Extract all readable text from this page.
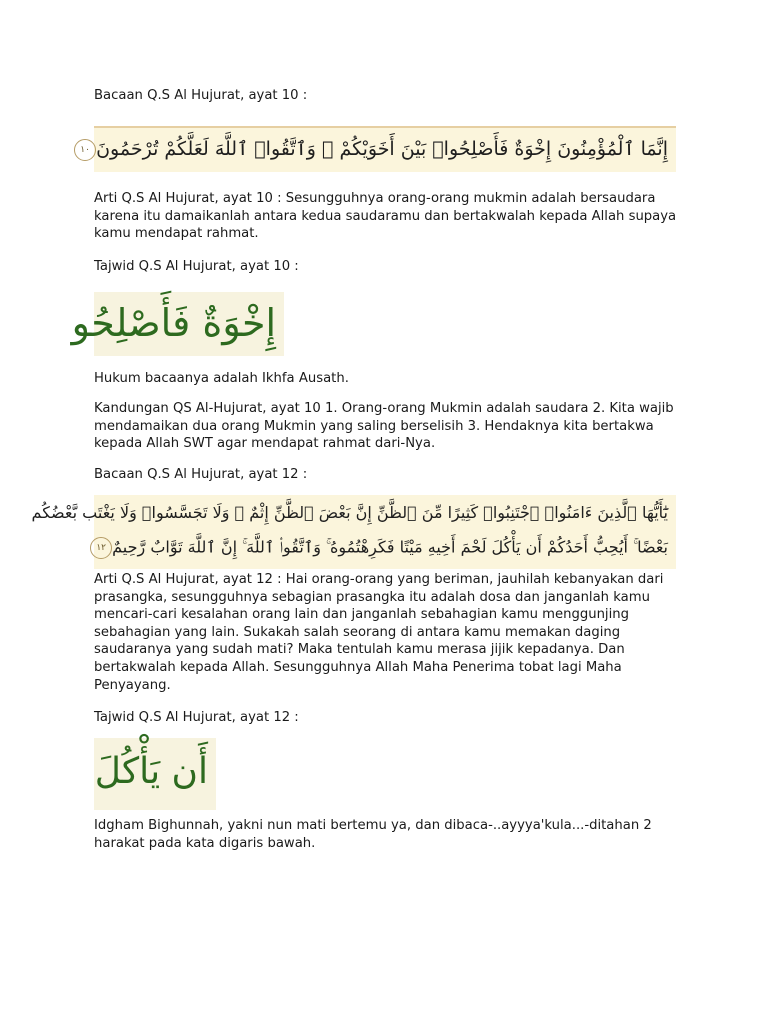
Bacaan Q.S Al Hujurat, ayat 10 :

إِنَّمَا ٱلْمُؤْمِنُونَ إِخْوَةٌ فَأَصْلِحُوا۟ بَيْنَ أَخَوَيْكُمْ ۚ وَٱتَّقُوا۟ ٱللَّهَ لَعَلَّكُمْ تُرْحَمُونَ١٠

Arti Q.S Al Hujurat, ayat 10 : Sesungguhnya orang-orang mukmin adalah bersaudara karena itu damaikanlah antara kedua saudaramu dan bertakwalah kepada Allah supaya kamu mendapat rahmat.

Tajwid Q.S Al Hujurat, ayat 10 :

إِخْوَةٌ فَأَصْلِحُو

Hukum bacaanya adalah Ikhfa Ausath.

Kandungan QS Al-Hujurat, ayat 10 1. Orang-orang Mukmin adalah saudara 2. Kita wajib mendamaikan dua orang Mukmin yang saling berselisih 3. Hendaknya kita bertakwa kepada Allah SWT agar mendapat rahmat dari-Nya.

Bacaan Q.S Al Hujurat, ayat 12 :

يَٰٓأَيُّهَا ٱلَّذِينَ ءَامَنُوا۟ ٱجْتَنِبُوا۟ كَثِيرًا مِّنَ ٱلظَّنِّ إِنَّ بَعْضَ ٱلظَّنِّ إِثْمٌ ۖ وَلَا تَجَسَّسُوا۟ وَلَا يَغْتَب بَّعْضُكُم
بَعْضًا ۚ أَيُحِبُّ أَحَدُكُمْ أَن يَأْكُلَ لَحْمَ أَخِيهِ مَيْتًا فَكَرِهْتُمُوهُ ۚ وَٱتَّقُوا۟ ٱللَّهَ ۚ إِنَّ ٱللَّهَ تَوَّابٌ رَّحِيمٌ١٢

Arti Q.S Al Hujurat, ayat 12 : Hai orang-orang yang beriman, jauhilah kebanyakan dari prasangka, sesungguhnya sebagian prasangka itu adalah dosa dan janganlah kamu mencari-cari kesalahan orang lain dan janganlah sebahagian kamu menggunjing sebahagian yang lain. Sukakah salah seorang di antara kamu memakan daging saudaranya yang sudah mati? Maka tentulah kamu merasa jijik kepadanya. Dan bertakwalah kepada Allah. Sesungguhnya Allah Maha Penerima tobat lagi Maha Penyayang.

Tajwid Q.S Al Hujurat, ayat 12 :

أَن يَأْكُلَ

Idgham Bighunnah, yakni nun mati bertemu ya, dan dibaca-..ayyya'kula...-ditahan 2 harakat pada kata digaris bawah.
